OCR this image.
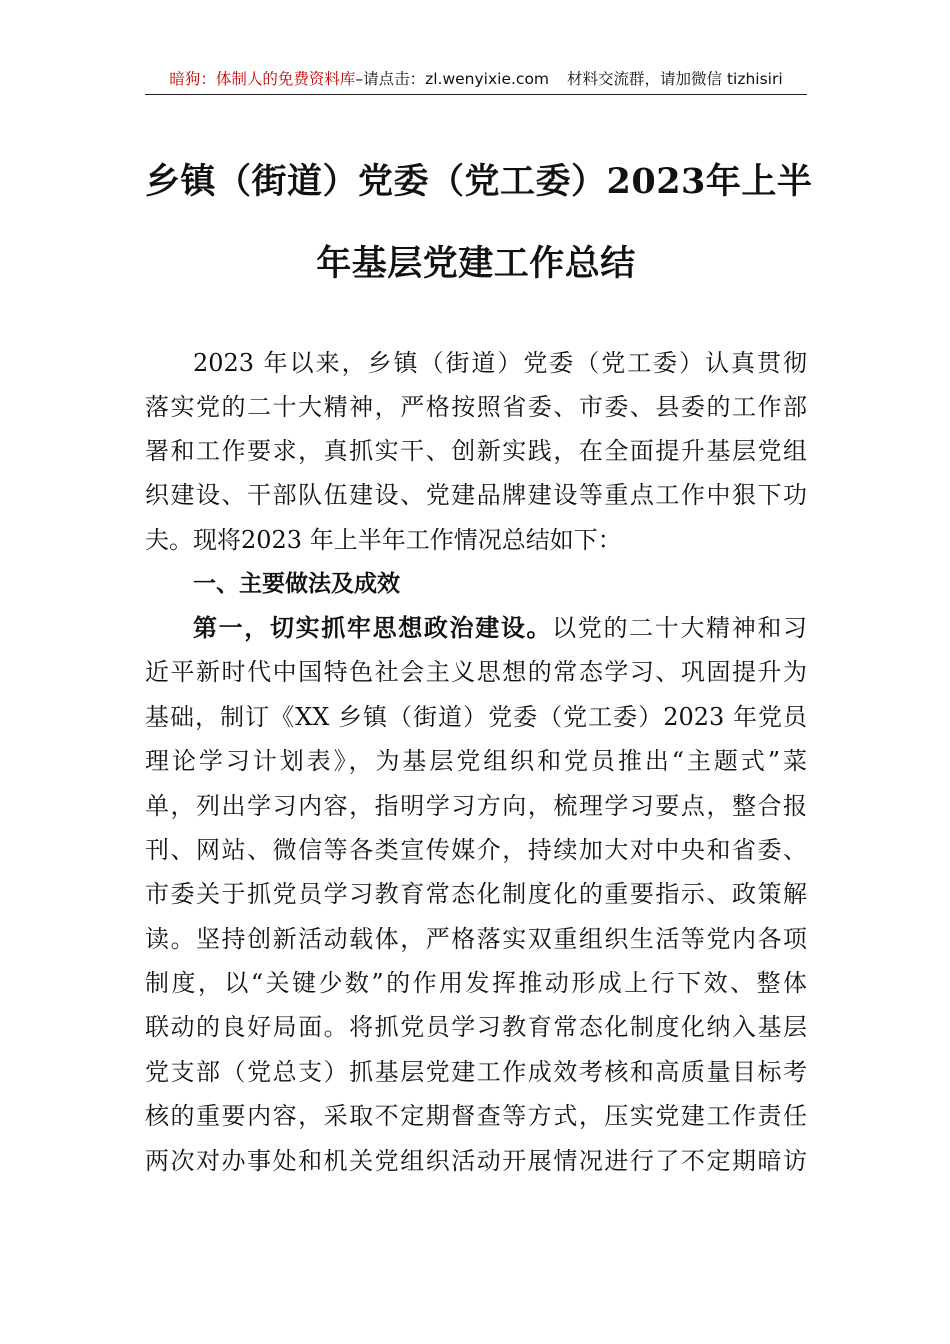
暗狗：体制人的免费资料库–请点击：zl.wenyixie.com 材料交流群，请加微信 tizhisiri
乡镇（街道）党委（党工委）2023年上半
年基层党建工作总结
2023 年以来，乡镇（街道）党委（党工委）认真贯彻
落实党的二十大精神，严格按照省委、市委、县委的工作部
署和工作要求，真抓实干、创新实践，在全面提升基层党组
织建设、干部队伍建设、党建品牌建设等重点工作中狠下功
夫。现将2023 年上半年工作情况总结如下：
一、主要做法及成效
第一，切实抓牢思想政治建设。以党的二十大精神和习
近平新时代中国特色社会主义思想的常态学习、巩固提升为
基础，制订《XX 乡镇（街道）党委（党工委）2023 年党员
理论学习计划表》，为基层党组织和党员推出“主题式”菜
单，列出学习内容，指明学习方向，梳理学习要点，整合报
刊、网站、微信等各类宣传媒介，持续加大对中央和省委、
市委关于抓党员学习教育常态化制度化的重要指示、政策解
读。坚持创新活动载体，严格落实双重组织生活等党内各项
制度，以“关键少数”的作用发挥推动形成上行下效、整体
联动的良好局面。将抓党员学习教育常态化制度化纳入基层
党支部（党总支）抓基层党建工作成效考核和高质量目标考
核的重要内容，采取不定期督查等方式，压实党建工作责任
两次对办事处和机关党组织活动开展情况进行了不定期暗访
